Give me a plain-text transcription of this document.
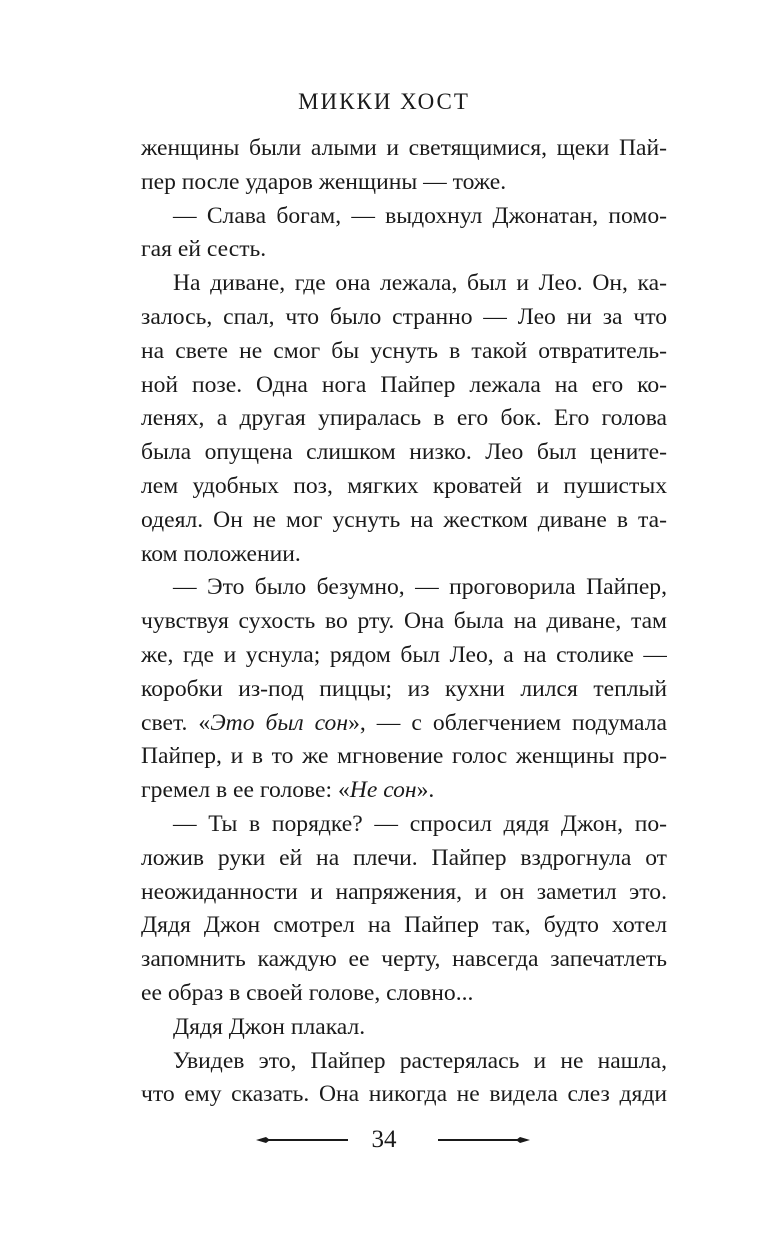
МИККИ ХОСТ
женщины были алыми и светящимися, щеки Пай-
пер после ударов женщины — тоже.
— Слава богам, — выдохнул Джонатан, помо-
гая ей сесть.
На диване, где она лежала, был и Лео. Он, ка-
залось, спал, что было странно — Лео ни за что
на свете не смог бы уснуть в такой отвратитель-
ной позе. Одна нога Пайпер лежала на его ко-
ленях, а другая упиралась в его бок. Его голова
была опущена слишком низко. Лео был цените-
лем удобных поз, мягких кроватей и пушистых
одеял. Он не мог уснуть на жестком диване в та-
ком положении.
— Это было безумно, — проговорила Пайпер,
чувствуя сухость во рту. Она была на диване, там
же, где и уснула; рядом был Лео, а на столике —
коробки из-под пиццы; из кухни лился теплый
свет. «Это был сон», — с облегчением подумала
Пайпер, и в то же мгновение голос женщины про-
гремел в ее голове: «Не сон».
— Ты в порядке? — спросил дядя Джон, по-
ложив руки ей на плечи. Пайпер вздрогнула от
неожиданности и напряжения, и он заметил это.
Дядя Джон смотрел на Пайпер так, будто хотел
запомнить каждую ее черту, навсегда запечатлеть
ее образ в своей голове, словно...
Дядя Джон плакал.
Увидев это, Пайпер растерялась и не нашла,
что ему сказать. Она никогда не видела слез дяди
34
